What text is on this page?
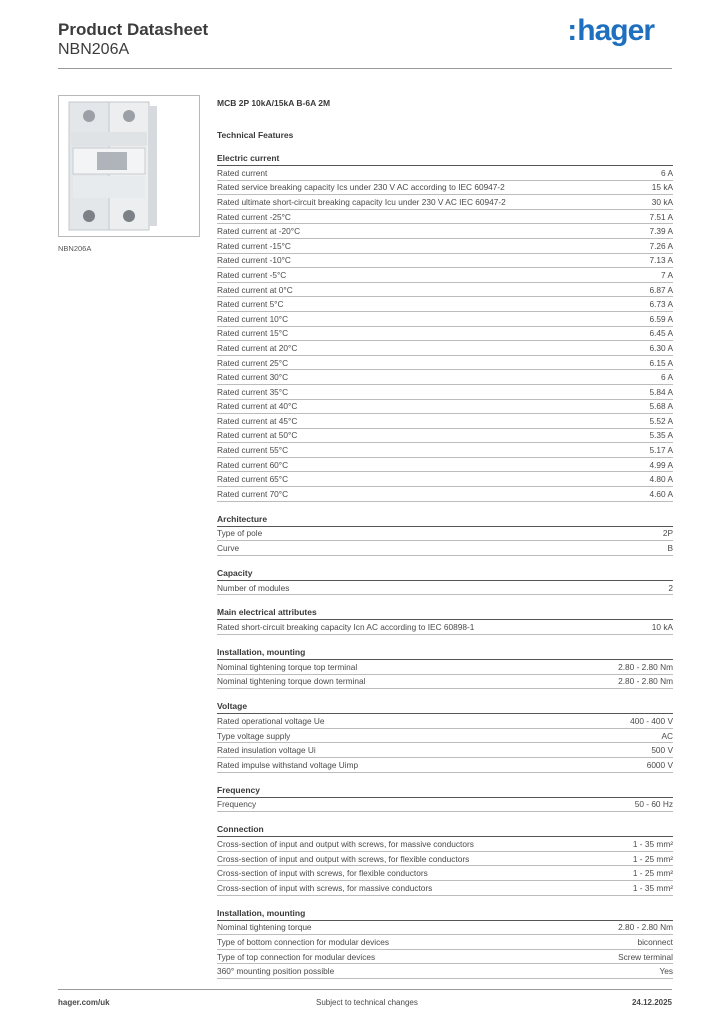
Product Datasheet
NBN206A
:hager
NBN206A
MCB 2P 10kA/15kA B-6A 2M
Technical Features
Electric current
Rated current	6 A
Rated service breaking capacity Ics under 230 V AC according to IEC 60947-2	15 kA
Rated ultimate short-circuit breaking capacity Icu under 230 V AC IEC 60947-2	30 kA
Rated current -25°C	7.51 A
Rated current at -20°C	7.39 A
Rated current -15°C	7.26 A
Rated current -10°C	7.13 A
Rated current -5°C	7 A
Rated current at 0°C	6.87 A
Rated current 5°C	6.73 A
Rated current 10°C	6.59 A
Rated current 15°C	6.45 A
Rated current at 20°C	6.30 A
Rated current 25°C	6.15 A
Rated current 30°C	6 A
Rated current 35°C	5.84 A
Rated current at 40°C	5.68 A
Rated current at 45°C	5.52 A
Rated current at 50°C	5.35 A
Rated current 55°C	5.17 A
Rated current 60°C	4.99 A
Rated current 65°C	4.80 A
Rated current 70°C	4.60 A
Architecture
Type of pole	2P
Curve	B
Capacity
Number of modules	2
Main electrical attributes
Rated short-circuit breaking capacity Icn AC according to IEC 60898-1	10 kA
Installation, mounting
Nominal tightening torque top terminal	2.80 - 2.80 Nm
Nominal tightening torque down terminal	2.80 - 2.80 Nm
Voltage
Rated operational voltage Ue	400 - 400 V
Type voltage supply	AC
Rated insulation voltage Ui	500 V
Rated impulse withstand voltage Uimp	6000 V
Frequency
Frequency	50 - 60 Hz
Connection
Cross-section of input and output with screws, for massive conductors	1 - 35 mm²
Cross-section of input and output with screws, for flexible conductors	1 - 25 mm²
Cross-section of input with screws, for flexible conductors	1 - 25 mm²
Cross-section of input with screws, for massive conductors	1 - 35 mm²
Installation, mounting
Nominal tightening torque	2.80 - 2.80 Nm
Type of bottom connection for modular devices	biconnect
Type of top connection for modular devices	Screw terminal
360° mounting position possible	Yes
hager.com/uk	Subject to technical changes	24.12.2025
